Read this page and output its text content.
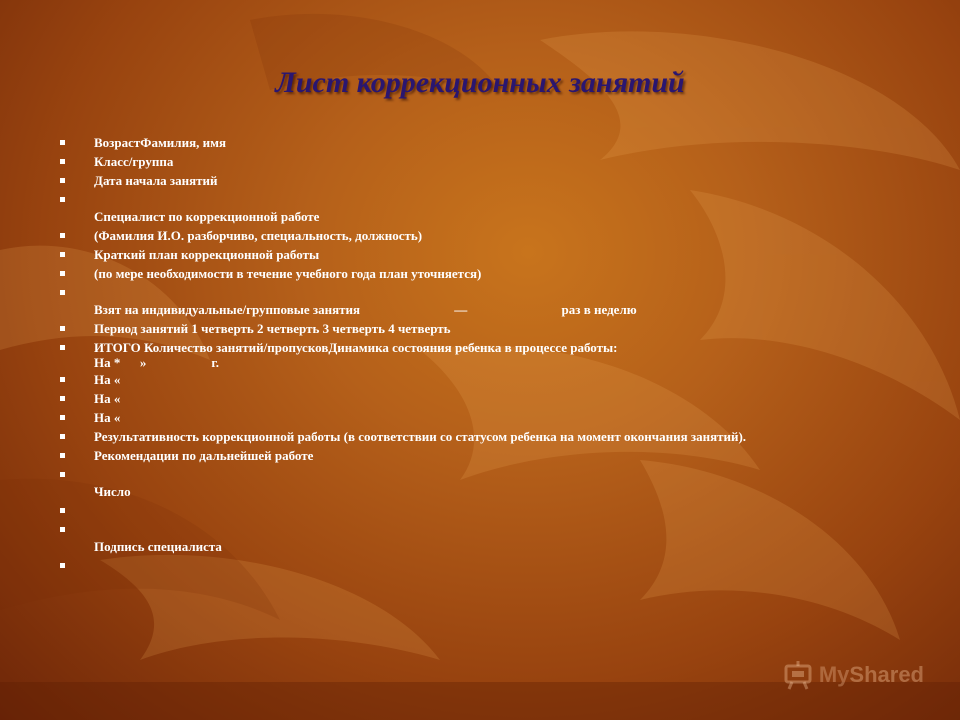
Лист коррекционных занятий
ВозрастФамилия, имя
Класс/группа
Дата начала занятий
Специалист по коррекционной работе
(Фамилия И.О. разборчиво, специальность, должность)
Краткий план коррекционной работы
(по мере необходимости в течение учебного года план уточняется)
Взят на индивидуальные/групповые занятия                             —                             раз в неделю
Период занятий 1 четверть 2 четверть 3 четверть 4 четверть
ИТОГО Количество занятий/пропусковДинамика состояния ребенка в процессе работы:
На *      »                    г.
На «
На «
На «
Результативность коррекционной работы (в соответствии со статусом ребенка на момент окончания занятий).
Рекомендации по дальнейшей работе
Число
Подпись специалиста
My Shared
